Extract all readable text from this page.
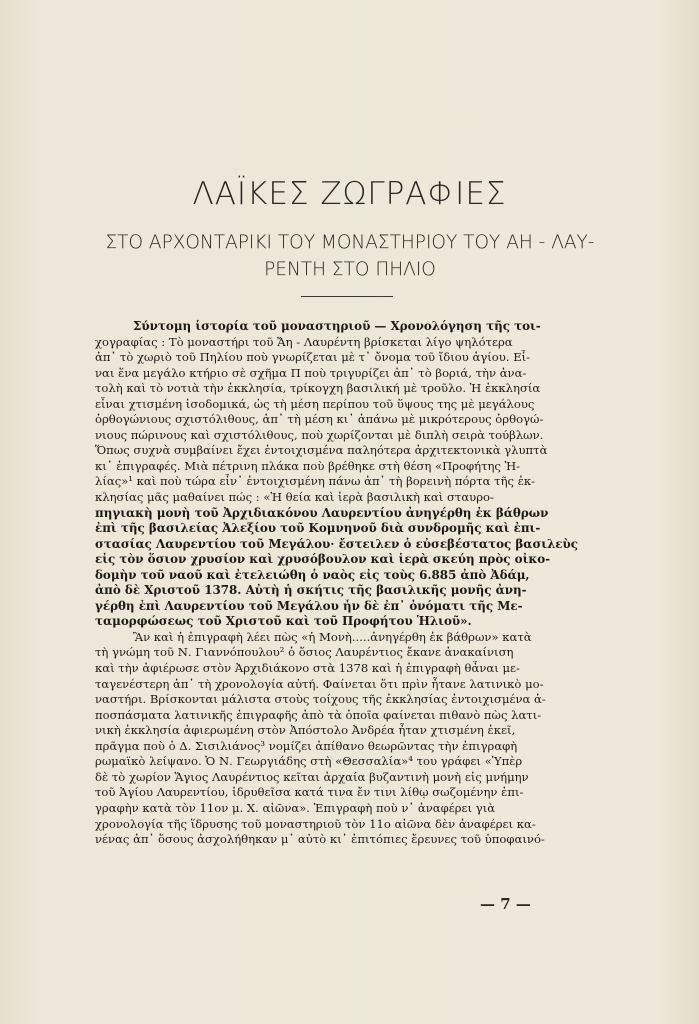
ΛΑΪΚΕΣ ΖΩΓΡΑΦΙΕΣ
ΣΤΟ ΑΡΧΟΝΤΑΡΙΚΙ ΤΟΥ ΜΟΝΑΣΤΗΡΙΟΥ ΤΟΥ ΑΗ - ΛΑΥ-
ΡΕΝΤΗ ΣΤΟ ΠΗΛΙΟ
Σύντομη ἱστορία τοῦ μοναστηριοῦ — Χρονολόγηση τῆς τοι-
χογραφίας : Τὸ μοναστήρι τοῦ Ἄη - Λαυρέντη βρίσκεται λίγο ψηλότερα
ἀπ᾽ τὸ χωριὸ τοῦ Πηλίου ποὺ γνωρίζεται μὲ τ᾽ ὄνομα τοῦ ἴδιου ἁγίου. Εἶ-
ναι ἕνα μεγάλο κτήριο σὲ σχῆμα Π ποὺ τριγυρίζει ἀπ᾽ τὸ βοριά, τὴν ἀνα-
τολὴ καὶ τὸ νοτιὰ τὴν ἐκκλησία, τρίκογχη βασιλική μὲ τροῦλο. Ἡ ἐκκλησία
εἶναι χτισμένη ἰσοδομικά, ὡς τὴ μέση περίπου τοῦ ὕψους της μὲ μεγάλους
ὀρθογώνιους σχιστόλιθους, ἀπ᾽ τὴ μέση κι᾽ ἀπάνω μὲ μικρότερους ὀρθογώ-
νιους πώρινους καὶ σχιστόλιθους, ποὺ χωρίζονται μὲ διπλὴ σειρὰ τούβλων.
Ὅπως συχνὰ συμβαίνει ἔχει ἐντοιχισμένα παληότερα ἀρχιτεκτονικὰ γλυπτὰ
κι᾽ ἐπιγραφές. Μιὰ πέτρινη πλάκα ποὺ βρέθηκε στὴ θέση «Προφήτης Ἠ-
λίας»¹ καὶ ποὺ τώρα εἶν᾽ ἐντοιχισμένη πάνω ἀπ᾽ τὴ βορεινὴ πόρτα τῆς ἐκ-
κλησίας μᾶς μαθαίνει πώς : «Ἡ θεία καὶ ἱερὰ βασιλικὴ καὶ σταυρο-
πηγιακὴ μονὴ τοῦ Ἀρχιδιακόνου Λαυρεντίου ἀνηγέρθη ἐκ βάθρων
ἐπὶ τῆς βασιλείας Ἀλεξίου τοῦ Κομνηνοῦ διὰ συνδρομῆς καὶ ἐπι-
στασίας Λαυρεντίου τοῦ Μεγάλου· ἔστειλεν ὁ εὐσεβέστατος βασιλεὺς
εἰς τὸν ὅσιον χρυσίον καὶ χρυσόβουλον καὶ ἱερὰ σκεύη πρὸς οἰκο-
δομὴν τοῦ ναοῦ καὶ ἐτελειώθη ὁ ναὸς εἰς τοὺς 6.885 ἀπὸ Ἀδάμ,
ἀπὸ δὲ Χριστοῦ 1378. Αὐτὴ ἡ σκήτις τῆς βασιλικῆς μονῆς ἀνη-
γέρθη ἐπὶ Λαυρεντίου τοῦ Μεγάλου ἦν δὲ ἐπ᾽ ὀνόματι τῆς Με-
ταμορφώσεως τοῦ Χριστοῦ καὶ τοῦ Προφήτου Ἡλιοῦ».
Ἂν καὶ ἡ ἐπιγραφὴ λέει πὼς «ἡ Μονὴ.....ἀνηγέρθη ἐκ βάθρων» κατὰ
τὴ γνώμη τοῦ Ν. Γιαννόπουλου² ὁ ὅσιος Λαυρέντιος ἔκανε ἀνακαίνιση
καὶ τὴν ἀφιέρωσε στὸν Ἀρχιδιάκονο στὰ 1378 καὶ ἡ ἐπιγραφὴ θἆναι με-
ταγενέστερη ἀπ᾽ τὴ χρονολογία αὐτή. Φαίνεται ὅτι πρὶν ἦτανε λατινικὸ μο-
ναστήρι. Βρίσκονται μάλιστα στοὺς τοίχους τῆς ἐκκλησίας ἐντοιχισμένα ἀ-
ποσπάσματα λατινικῆς ἐπιγραφῆς ἀπὸ τὰ ὁποῖα φαίνεται πιθανὸ πὼς λατι-
νικὴ ἐκκλησία ἀφιερωμένη στὸν Ἀπόστολο Ἀνδρέα ἦταν χτισμένη ἐκεῖ,
πρᾶγμα ποὺ ὁ Δ. Σισιλιάνος³ νομίζει ἀπίθανο θεωρῶντας τὴν ἐπιγραφὴ
ρωμαϊκὸ λείψανο. Ὁ Ν. Γεωργιάδης στὴ «Θεσσαλία»⁴ του γράφει «Ὑπὲρ
δὲ τὸ χωρίον Ἅγιος Λαυρέντιος κεῖται ἀρχαία βυζαντινὴ μονὴ εἰς μνήμην
τοῦ Ἁγίου Λαυρεντίου, ἱδρυθεῖσα κατά τινα ἔν τινι λίθῳ σωζομένην ἐπι-
γραφὴν κατὰ τὸν 11ον μ. Χ. αἰῶνα». Ἐπιγραφὴ ποὺ ν᾽ ἀναφέρει γιὰ
χρονολογία τῆς ἵδρυσης τοῦ μοναστηριοῦ τὸν 11ο αἰῶνα δὲν ἀναφέρει κα-
νένας ἀπ᾽ ὅσους ἀσχολήθηκαν μ᾽ αὐτὸ κι᾽ ἐπιτόπιες ἔρευνες τοῦ ὑποφαινό-
— 7 —
